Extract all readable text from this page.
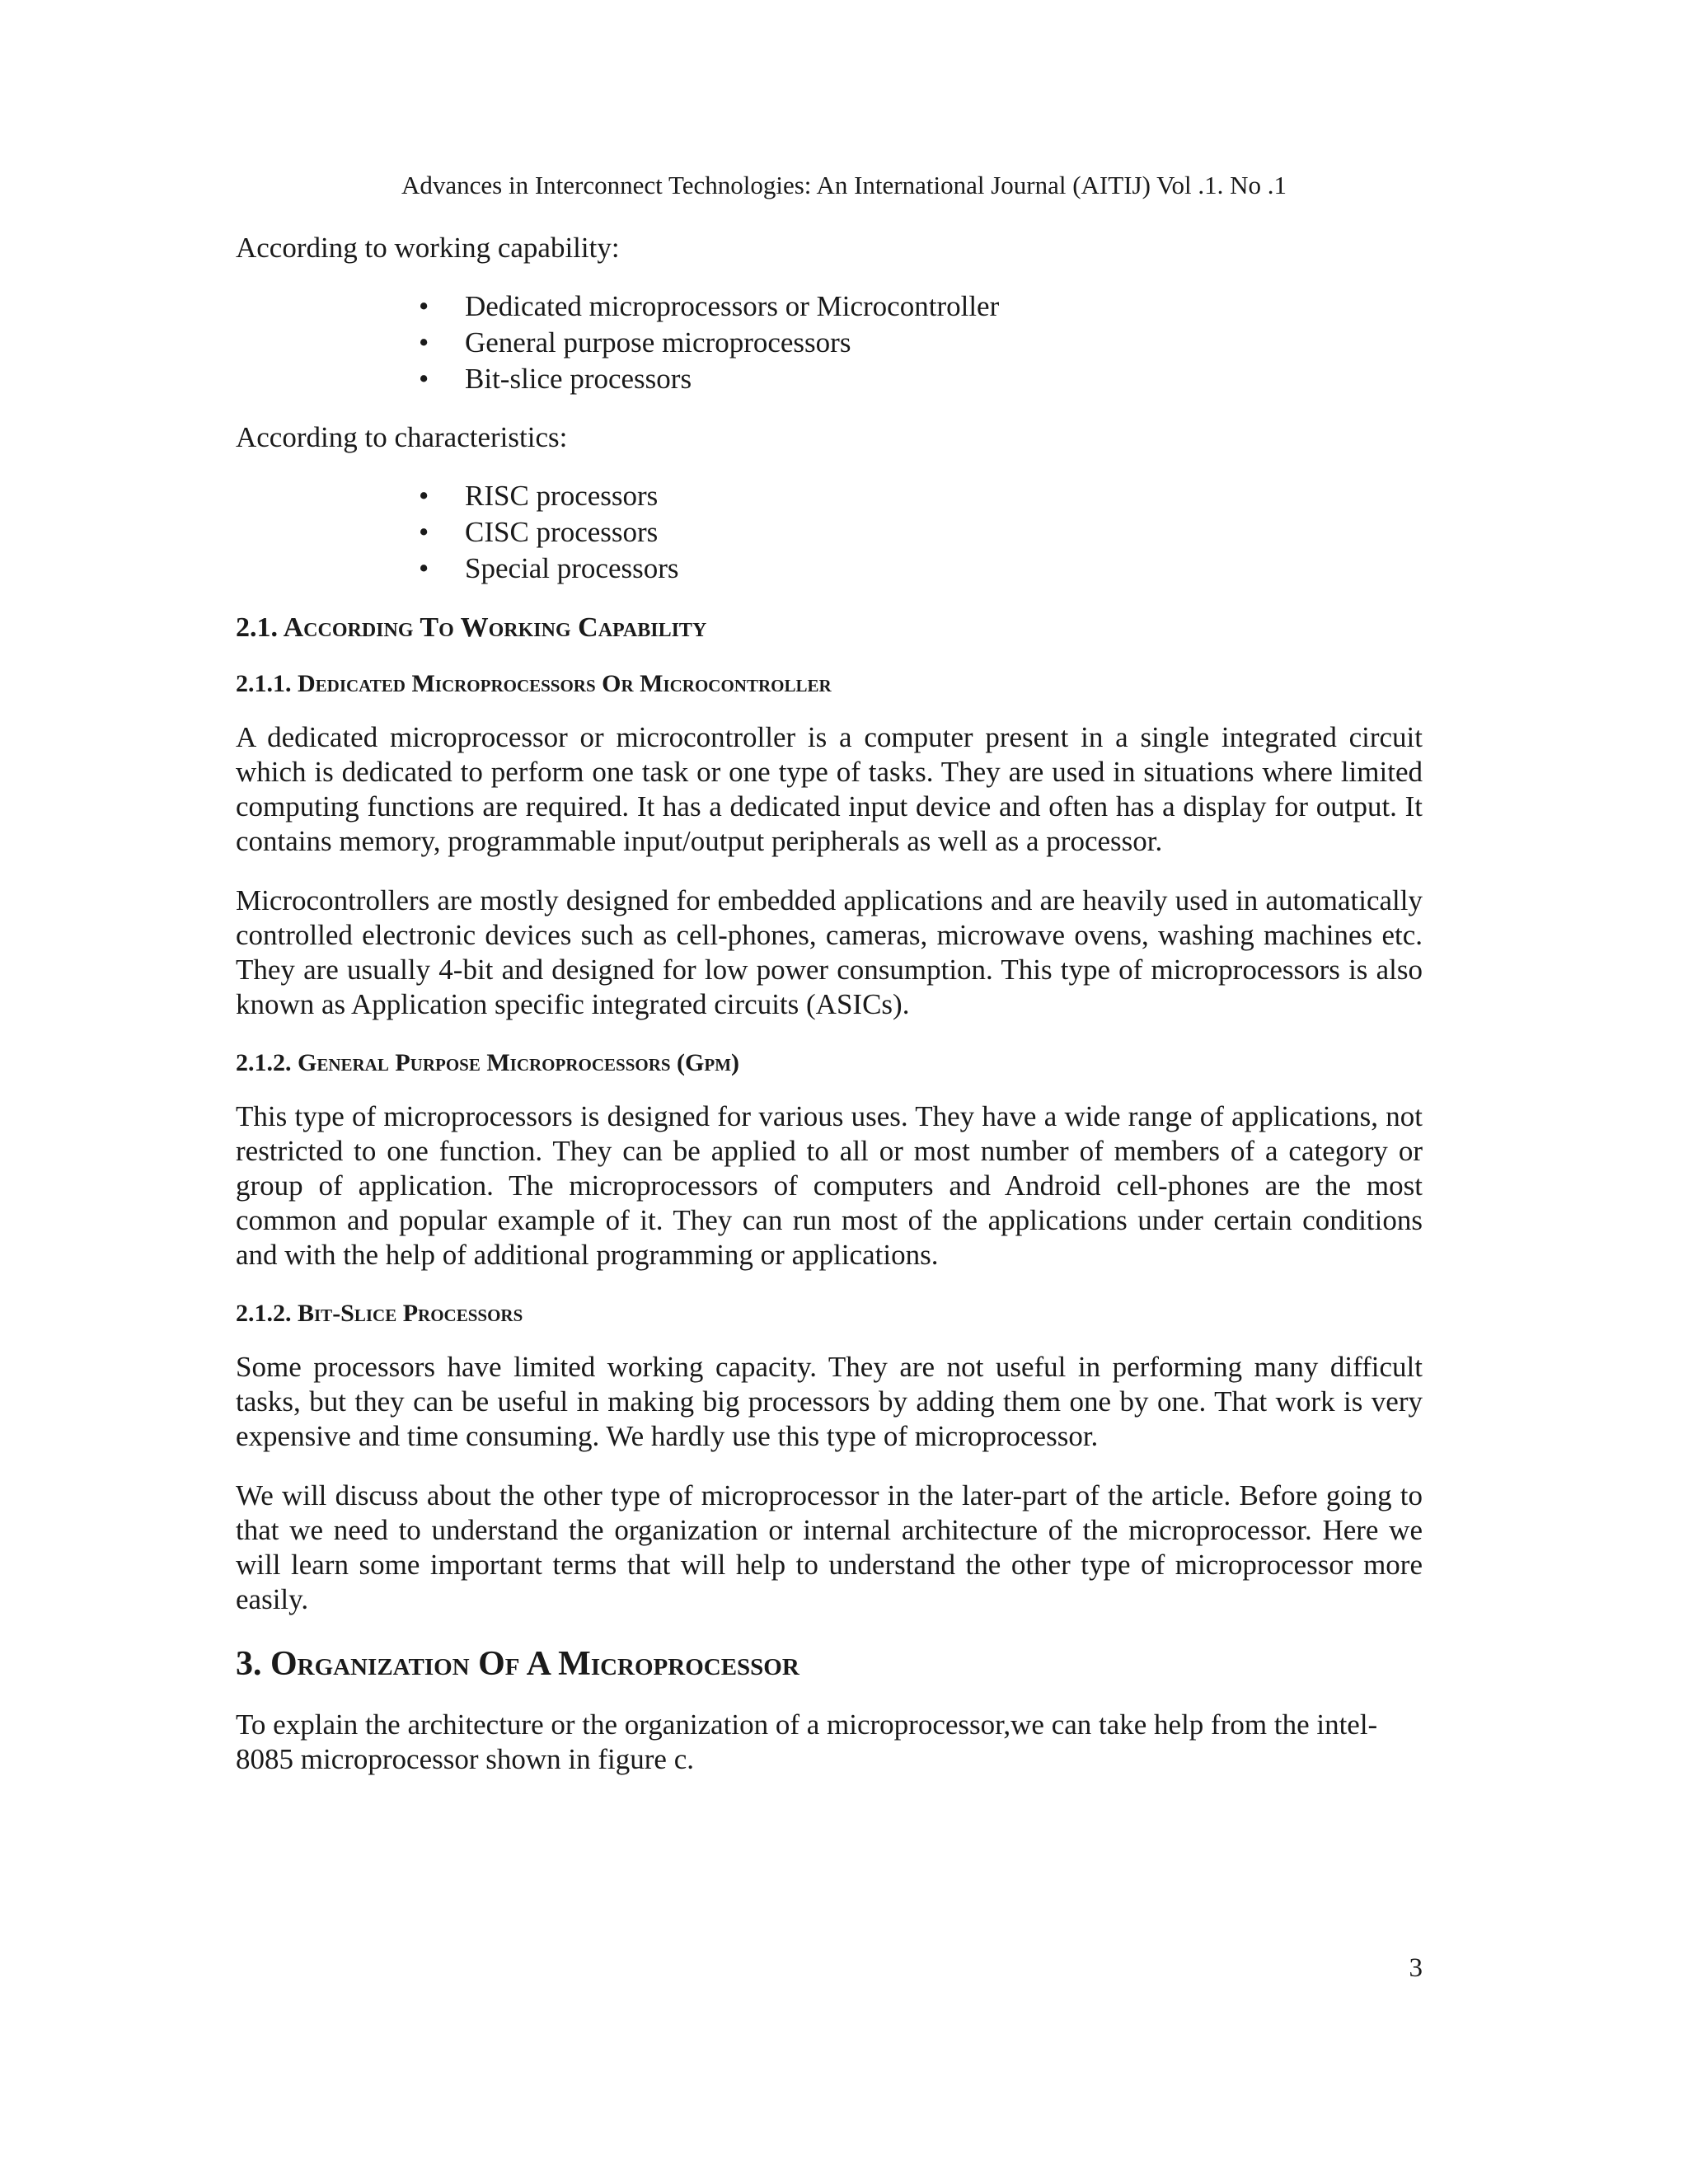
Advances in Interconnect Technologies: An International Journal (AITIJ) Vol .1. No .1
According to working capability:
• Dedicated microprocessors or Microcontroller
• General purpose microprocessors
• Bit-slice processors
According to characteristics:
• RISC processors
• CISC processors
• Special processors
2.1. According To Working Capability
2.1.1. Dedicated Microprocessors Or Microcontroller

A dedicated microprocessor or microcontroller is a computer present in a single integrated circuit which is dedicated to perform one task or one type of tasks. They are used in situations where limited computing functions are required. It has a dedicated input device and often has a display for output. It contains memory, programmable input/output peripherals as well as a processor.

Microcontrollers are mostly designed for embedded applications and are heavily used in automatically controlled electronic devices such as cell-phones, cameras, microwave ovens, washing machines etc. They are usually 4-bit and designed for low power consumption. This type of microprocessors is also known as Application specific integrated circuits (ASICs).

2.1.2. General Purpose Microprocessors (Gpm)

This type of microprocessors is designed for various uses. They have a wide range of applications, not restricted to one function. They can be applied to all or most number of members of a category or group of application. The microprocessors of computers and Android cell-phones are the most common and popular example of it. They can run most of the applications under certain conditions and with the help of additional programming or applications.

2.1.2. Bit-Slice Processors

Some processors have limited working capacity. They are not useful in performing many difficult tasks, but they can be useful in making big processors by adding them one by one. That work is very expensive and time consuming. We hardly use this type of microprocessor.

We will discuss about the other type of microprocessor in the later-part of the article. Before going to that we need to understand the organization or internal architecture of the microprocessor. Here we will learn some important terms that will help to understand the other type of microprocessor more easily.

3. Organization Of A Microprocessor

To explain the architecture or the organization of a microprocessor,we can take help from the intel-8085 microprocessor shown in figure c.

3
